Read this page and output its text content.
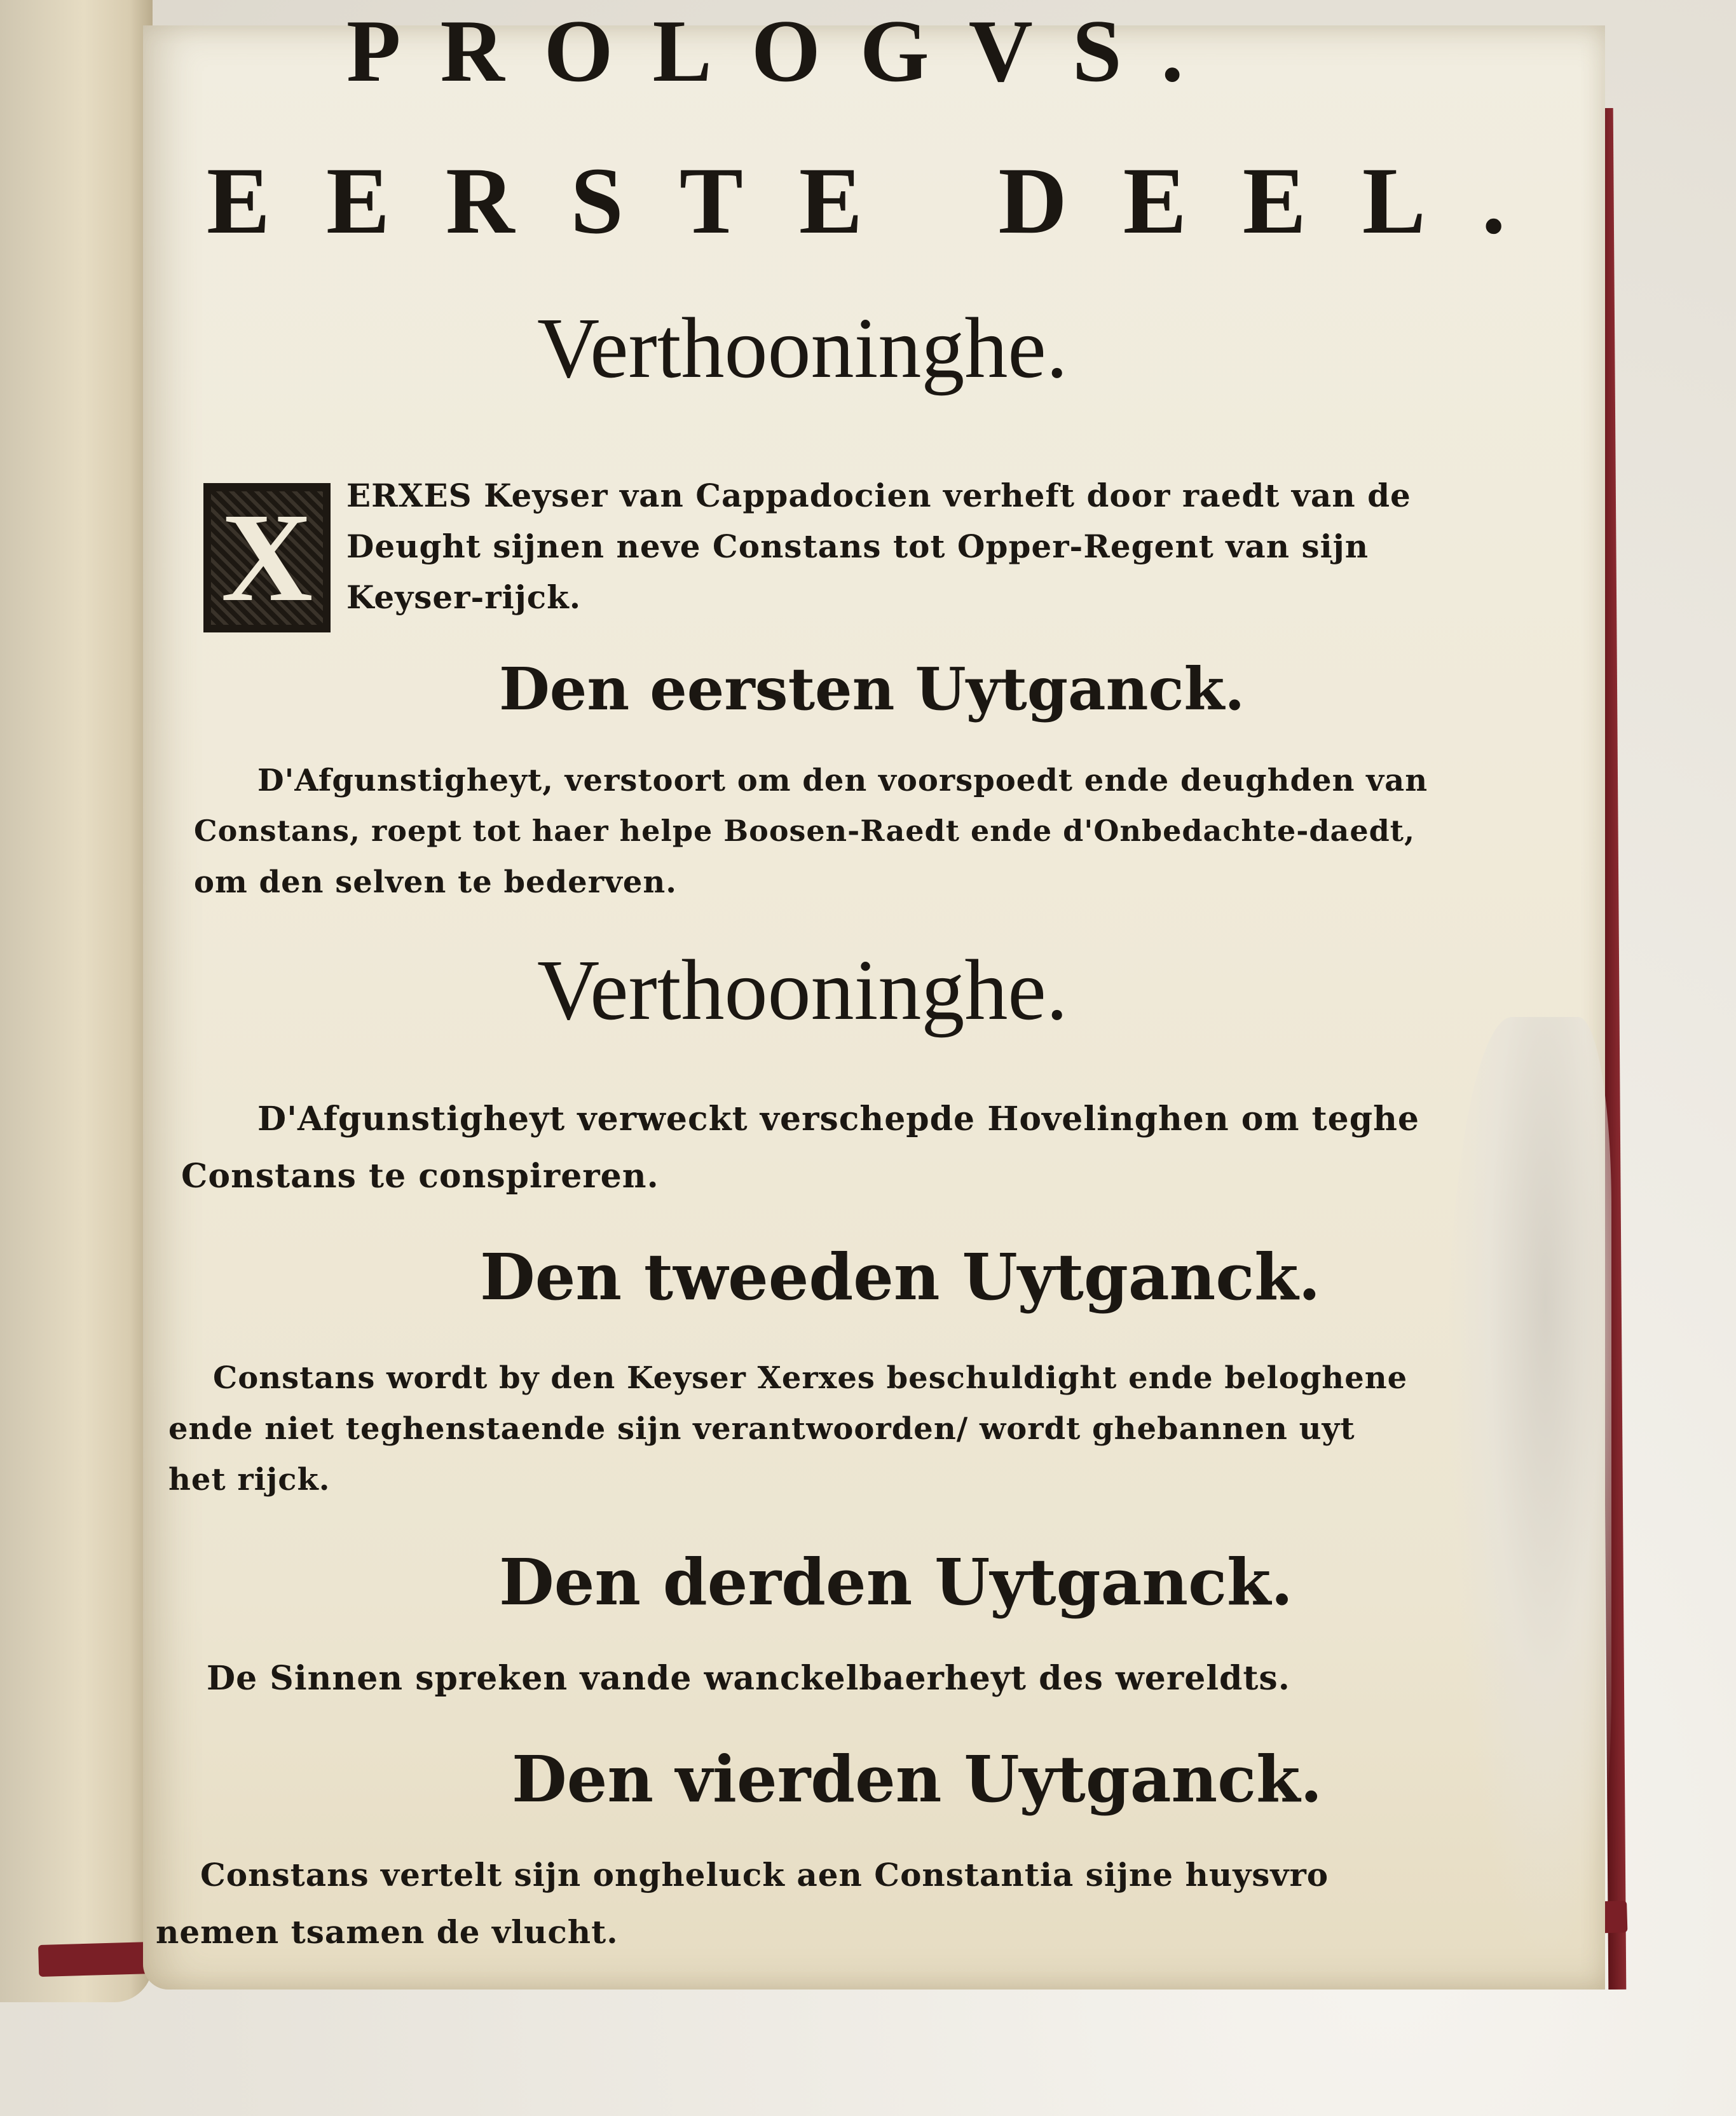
PROLOGVS.
EERSTE DEEL.
Verthooninghe.
X ERXES Keyser van Cappadocien verheft door raedt van de
Deught sijnen neve Constans tot Opper-Regent van sijn
Keyser-rijck.
Den eersten Uytganck.
D'Afgunstigheyt, verstoort om den voorspoedt ende deughden van
Constans, roept tot haer helpe Boosen-Raedt ende d'Onbedachte-daedt,
om den selven te bederven.
Verthooninghe.
D'Afgunstigheyt verweckt verschepde Hovelinghen om teghe
Constans te conspireren.
Den tweeden Uytganck.
Constans wordt by den Keyser Xerxes beschuldight ende beloghene
ende niet teghenstaende sijn verantwoorden/ wordt ghebannen uyt
het rijck.
Den derden Uytganck.
De Sinnen spreken vande wanckelbaerheyt des wereldts.
Den vierden Uytganck.
Constans vertelt sijn ongheluck aen Constantia sijne huysvro
nemen tsamen de vlucht.
